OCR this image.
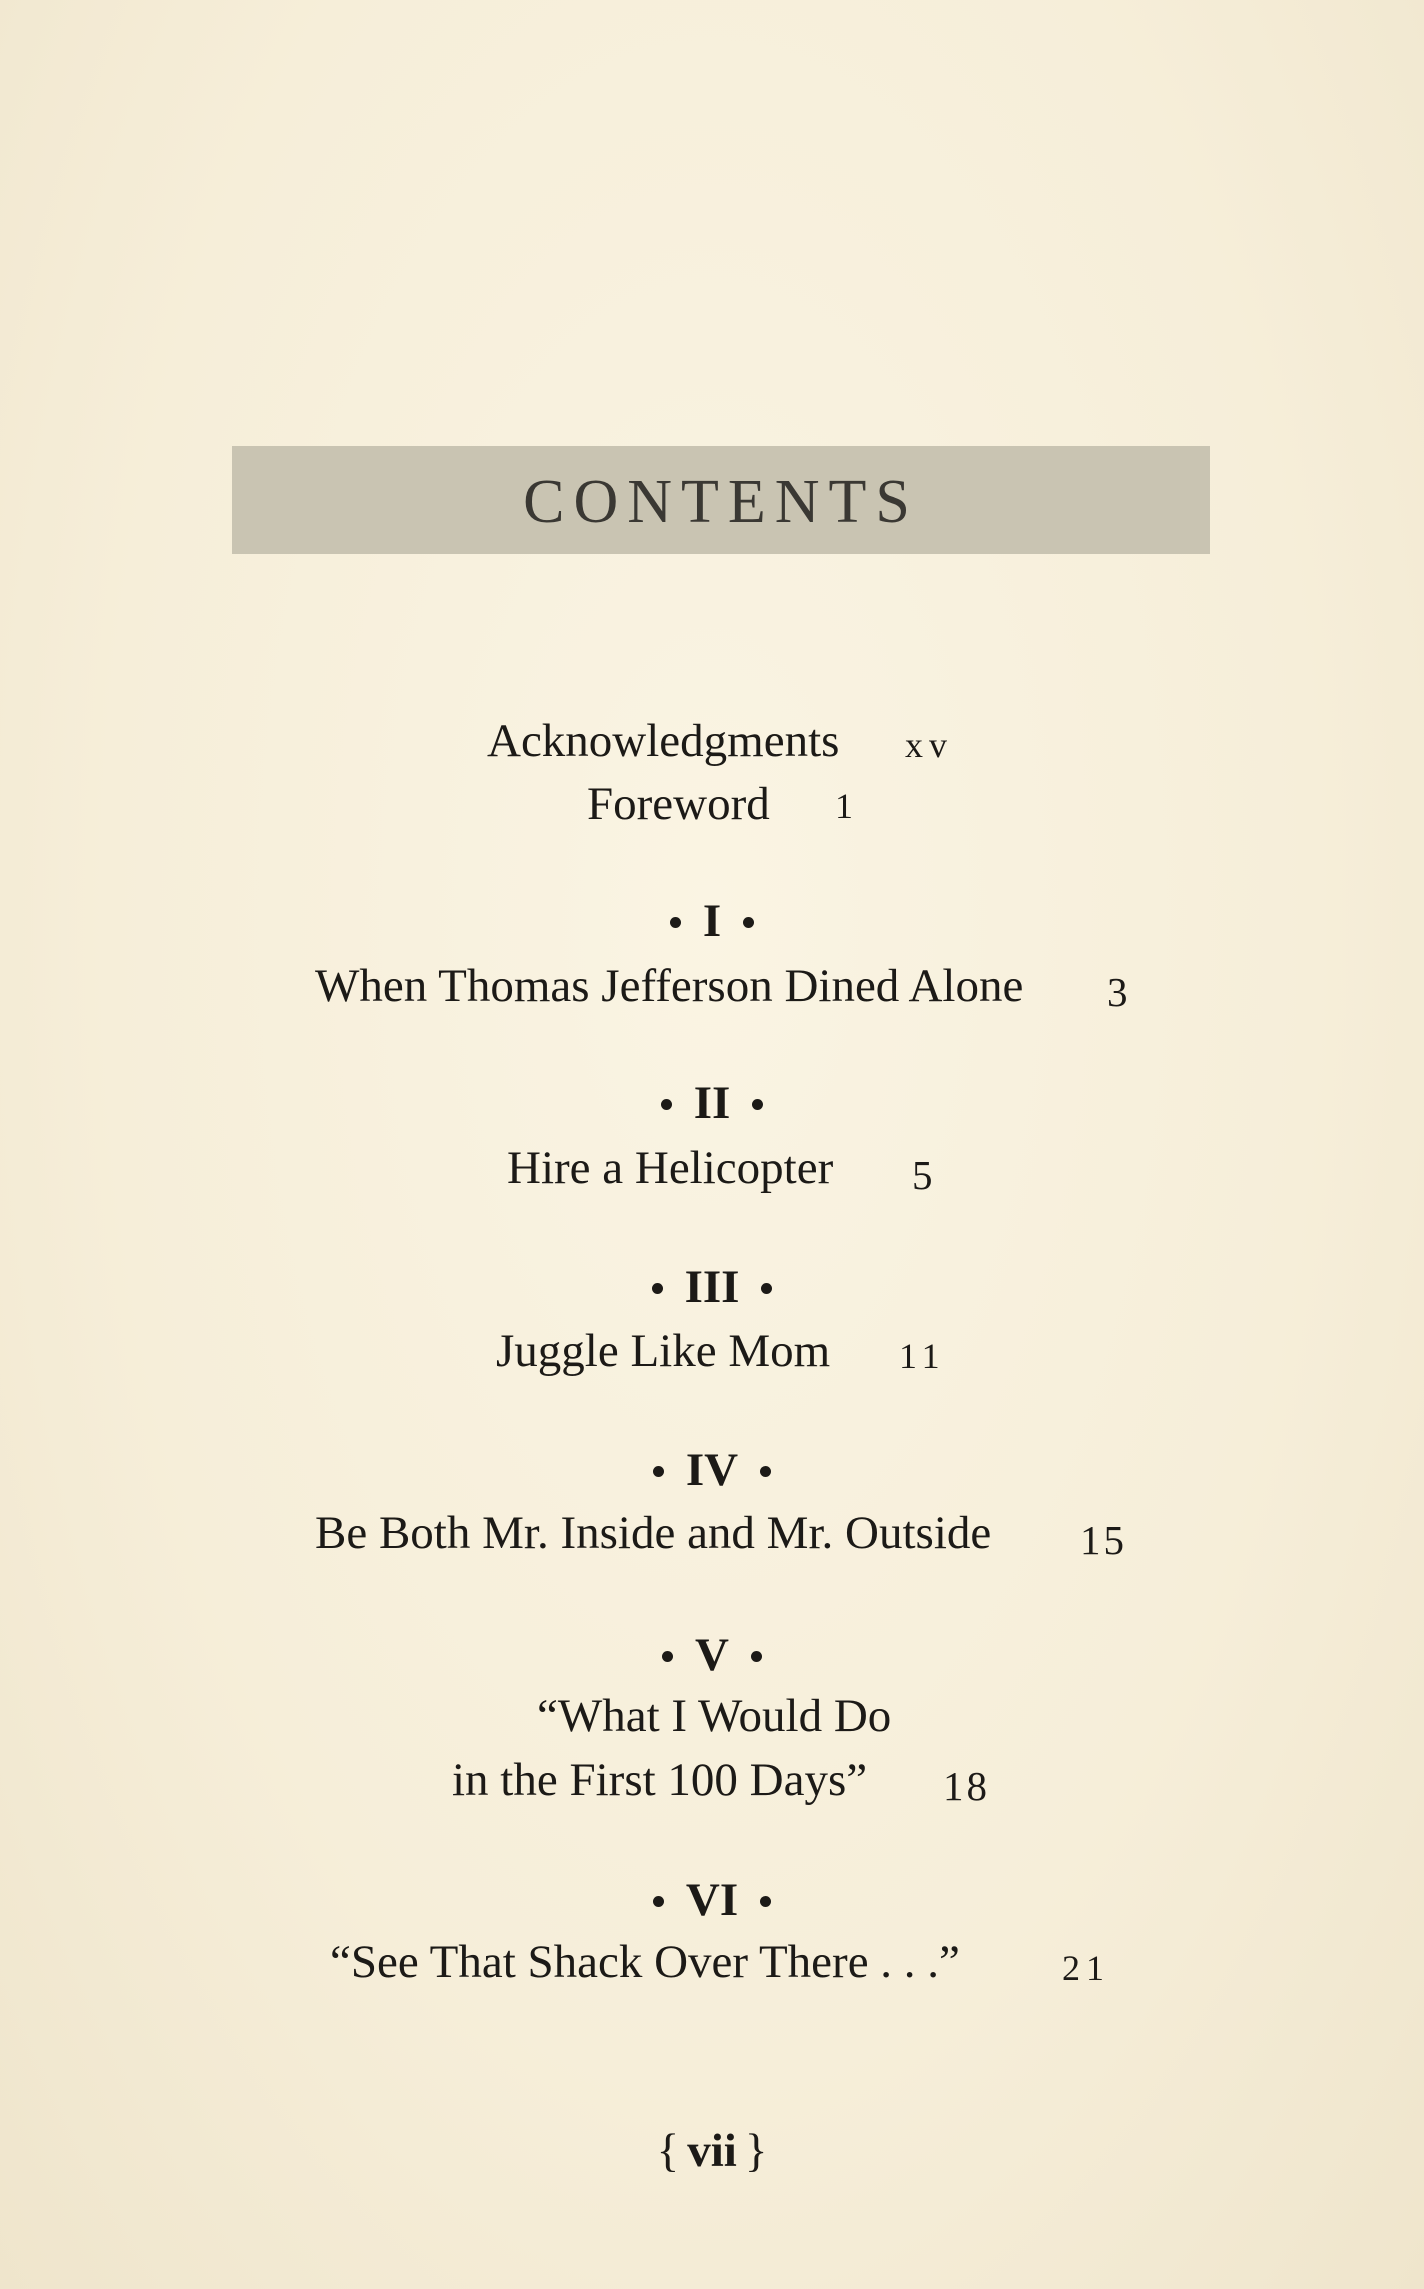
CONTENTS
Acknowledgments xv
Foreword 1
I
When Thomas Jefferson Dined Alone 3
II
Hire a Helicopter 5
III
Juggle Like Mom 11
IV
Be Both Mr. Inside and Mr. Outside 15
V
“What I Would Do
in the First 100 Days” 18
VI
“See That Shack Over There . . .”	21
{ vii }
